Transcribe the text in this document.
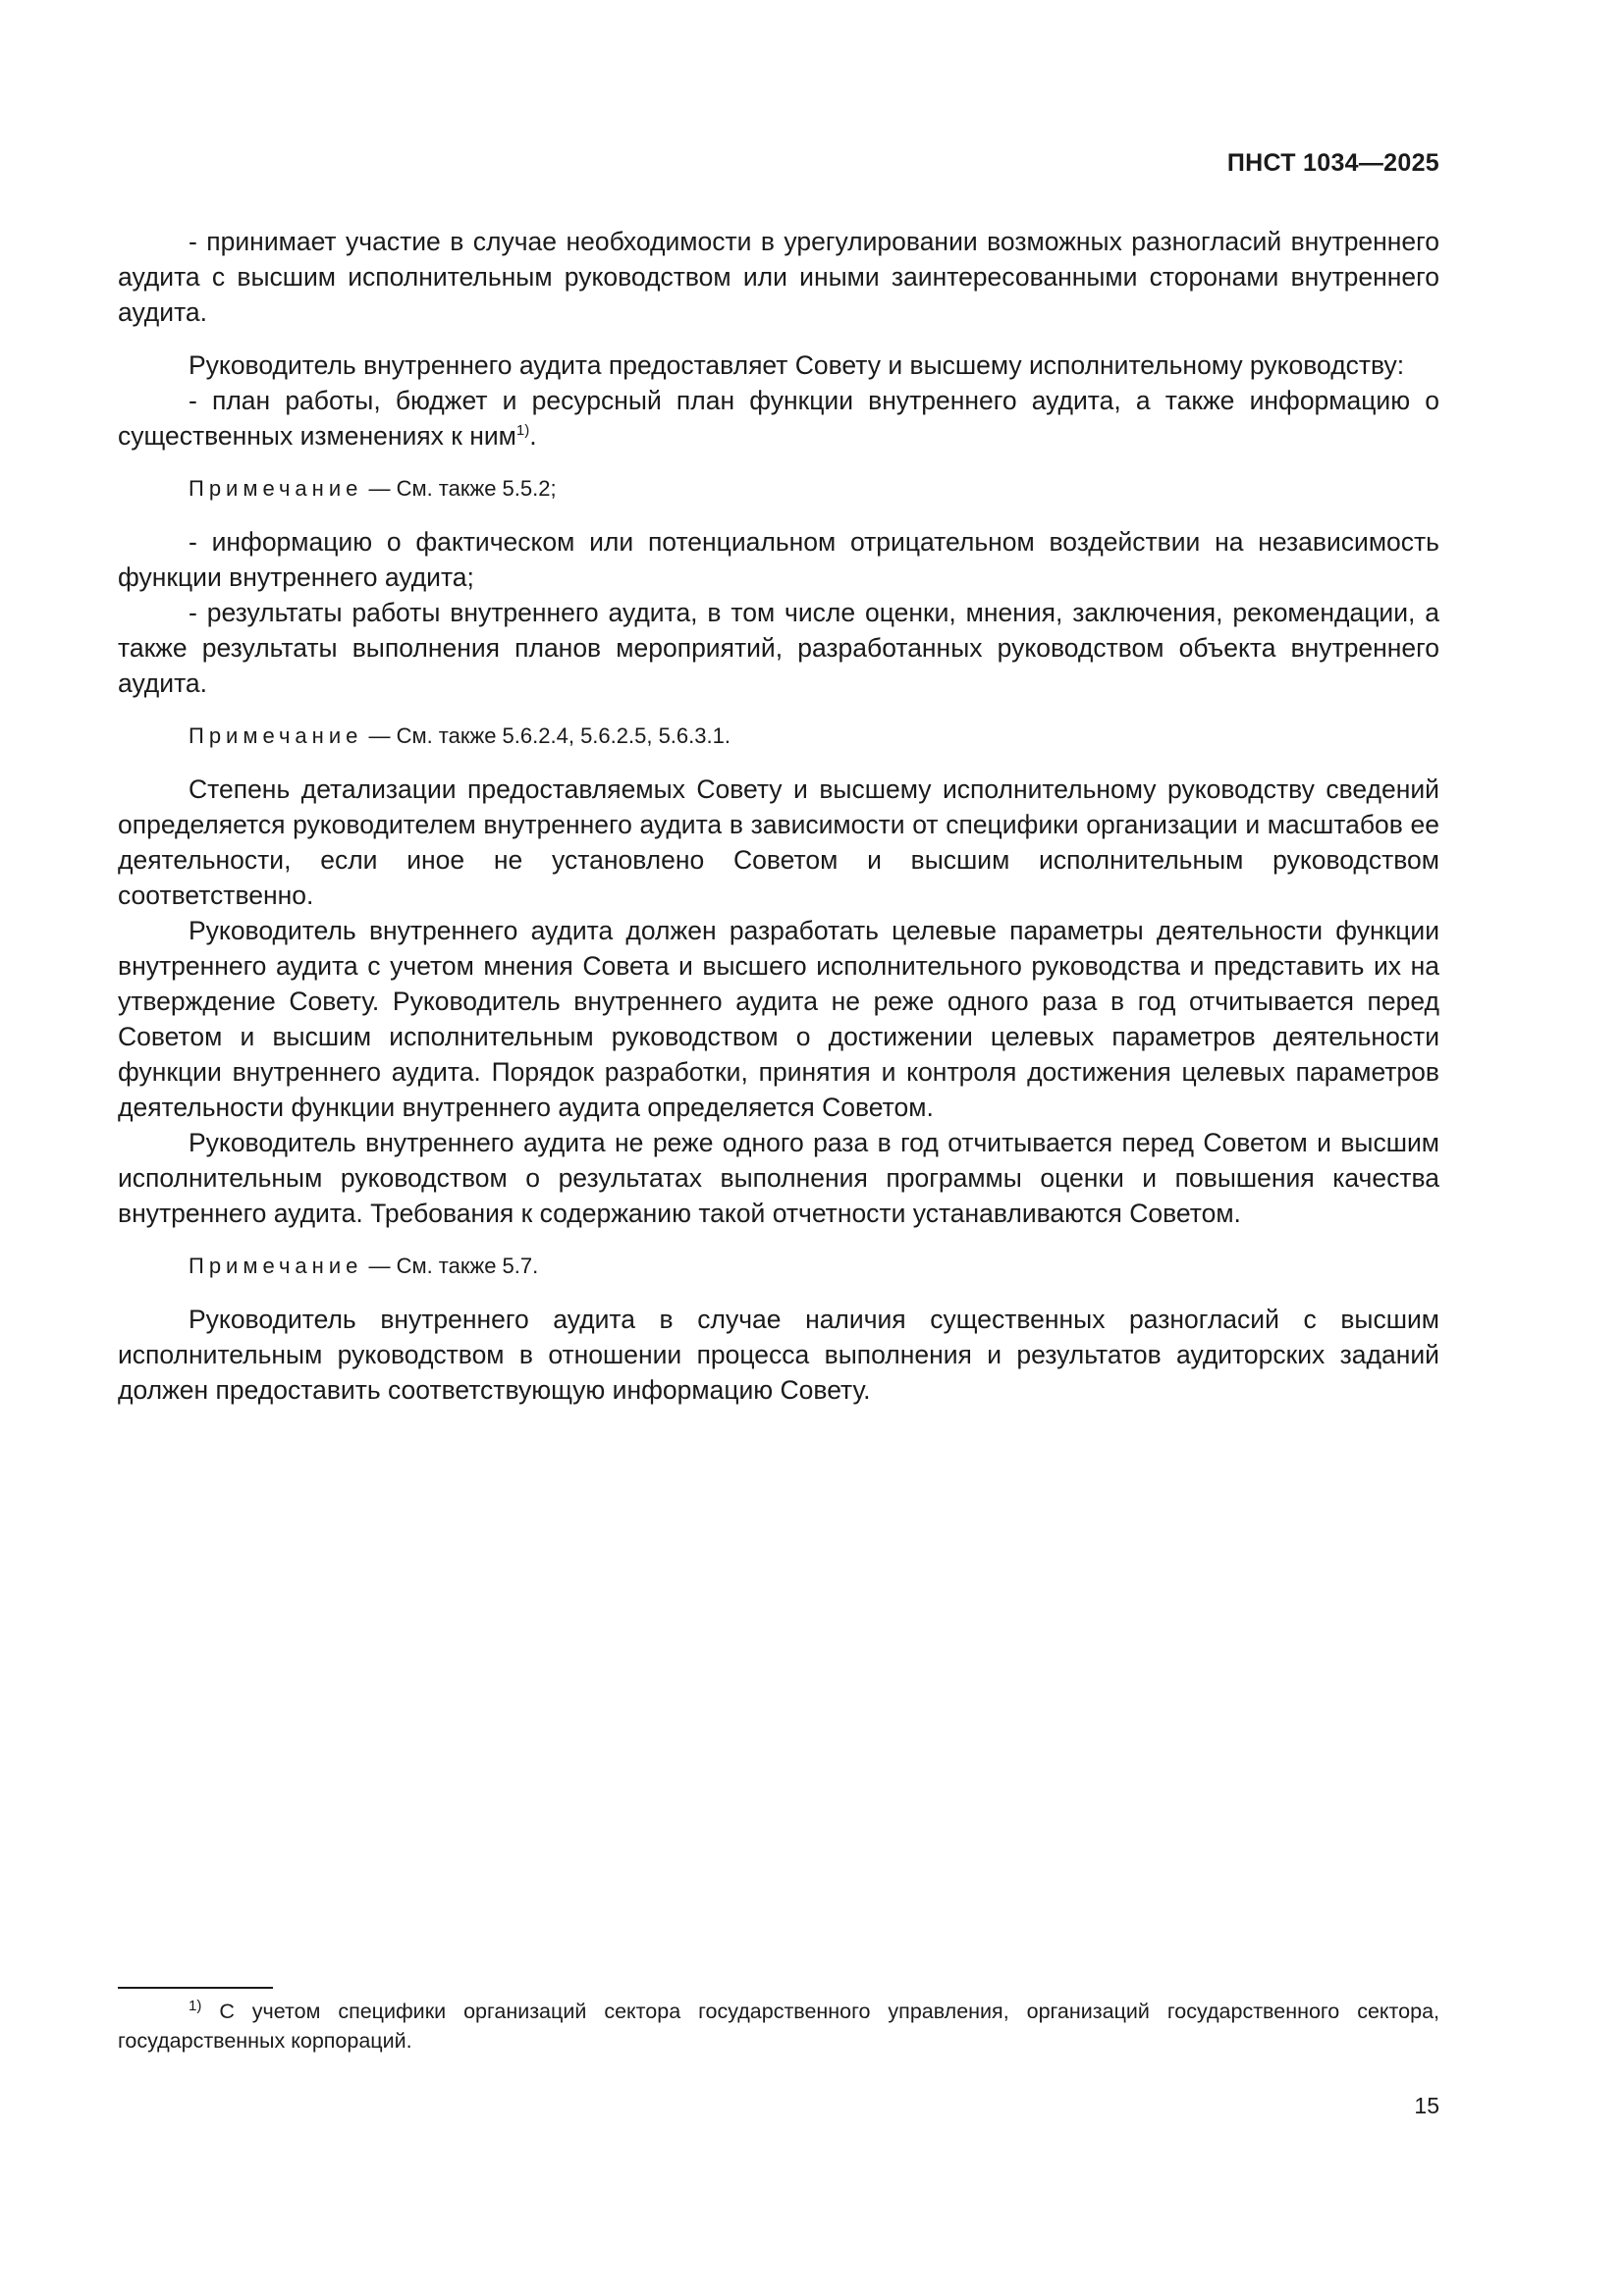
ПНСТ 1034—2025

- принимает участие в случае необходимости в урегулировании возможных разногласий внутреннего аудита с высшим исполнительным руководством или иными заинтересованными сторонами внутреннего аудита.

Руководитель внутреннего аудита предоставляет Совету и высшему исполнительному руководству:

- план работы, бюджет и ресурсный план функции внутреннего аудита, а также информацию о существенных изменениях к ним$^{1)}$.

Примечание — См. также 5.5.2;

- информацию о фактическом или потенциальном отрицательном воздействии на независимость функции внутреннего аудита;

- результаты работы внутреннего аудита, в том числе оценки, мнения, заключения, рекомендации, а также результаты выполнения планов мероприятий, разработанных руководством объекта внутреннего аудита.

Примечание — См. также 5.6.2.4, 5.6.2.5, 5.6.3.1.

Степень детализации предоставляемых Совету и высшему исполнительному руководству сведений определяется руководителем внутреннего аудита в зависимости от специфики организации и масштабов ее деятельности, если иное не установлено Советом и высшим исполнительным руководством соответственно.

Руководитель внутреннего аудита должен разработать целевые параметры деятельности функции внутреннего аудита с учетом мнения Совета и высшего исполнительного руководства и представить их на утверждение Совету. Руководитель внутреннего аудита не реже одного раза в год отчитывается перед Советом и высшим исполнительным руководством о достижении целевых параметров деятельности функции внутреннего аудита. Порядок разработки, принятия и контроля достижения целевых параметров деятельности функции внутреннего аудита определяется Советом.

Руководитель внутреннего аудита не реже одного раза в год отчитывается перед Советом и высшим исполнительным руководством о результатах выполнения программы оценки и повышения качества внутреннего аудита. Требования к содержанию такой отчетности устанавливаются Советом.

Примечание — См. также 5.7.

Руководитель внутреннего аудита в случае наличия существенных разногласий с высшим исполнительным руководством в отношении процесса выполнения и результатов аудиторских заданий должен предоставить соответствующую информацию Совету.

$^{1)}$ С учетом специфики организаций сектора государственного управления, организаций государственного сектора, государственных корпораций.

15
